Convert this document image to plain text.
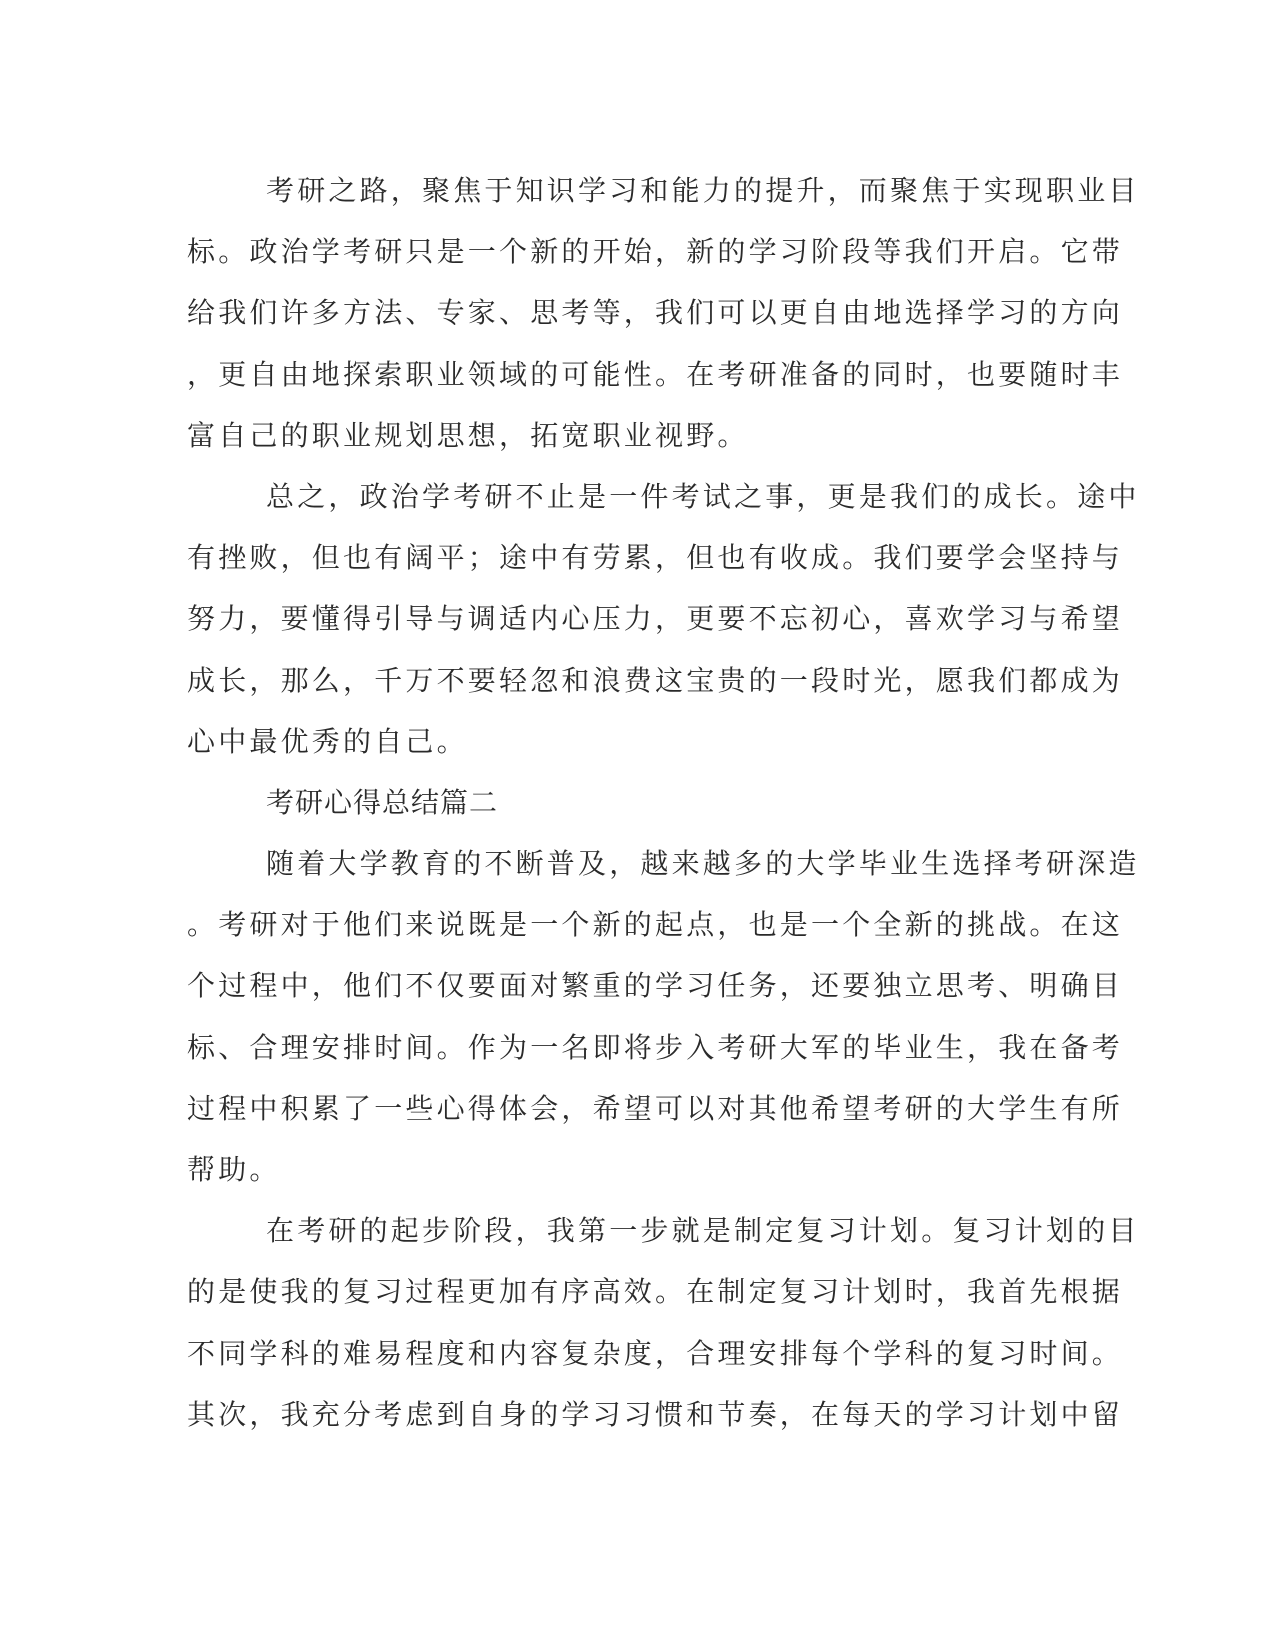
考研之路，聚焦于知识学习和能力的提升，而聚焦于实现职业目
标。政治学考研只是一个新的开始，新的学习阶段等我们开启。它带
给我们许多方法、专家、思考等，我们可以更自由地选择学习的方向
，更自由地探索职业领域的可能性。在考研准备的同时，也要随时丰
富自己的职业规划思想，拓宽职业视野。
总之，政治学考研不止是一件考试之事，更是我们的成长。途中
有挫败，但也有阔平；途中有劳累，但也有收成。我们要学会坚持与
努力，要懂得引导与调适内心压力，更要不忘初心，喜欢学习与希望
成长，那么，千万不要轻忽和浪费这宝贵的一段时光，愿我们都成为
心中最优秀的自己。
考研心得总结篇二
随着大学教育的不断普及，越来越多的大学毕业生选择考研深造
。考研对于他们来说既是一个新的起点，也是一个全新的挑战。在这
个过程中，他们不仅要面对繁重的学习任务，还要独立思考、明确目
标、合理安排时间。作为一名即将步入考研大军的毕业生，我在备考
过程中积累了一些心得体会，希望可以对其他希望考研的大学生有所
帮助。
在考研的起步阶段，我第一步就是制定复习计划。复习计划的目
的是使我的复习过程更加有序高效。在制定复习计划时，我首先根据
不同学科的难易程度和内容复杂度，合理安排每个学科的复习时间。
其次，我充分考虑到自身的学习习惯和节奏，在每天的学习计划中留
